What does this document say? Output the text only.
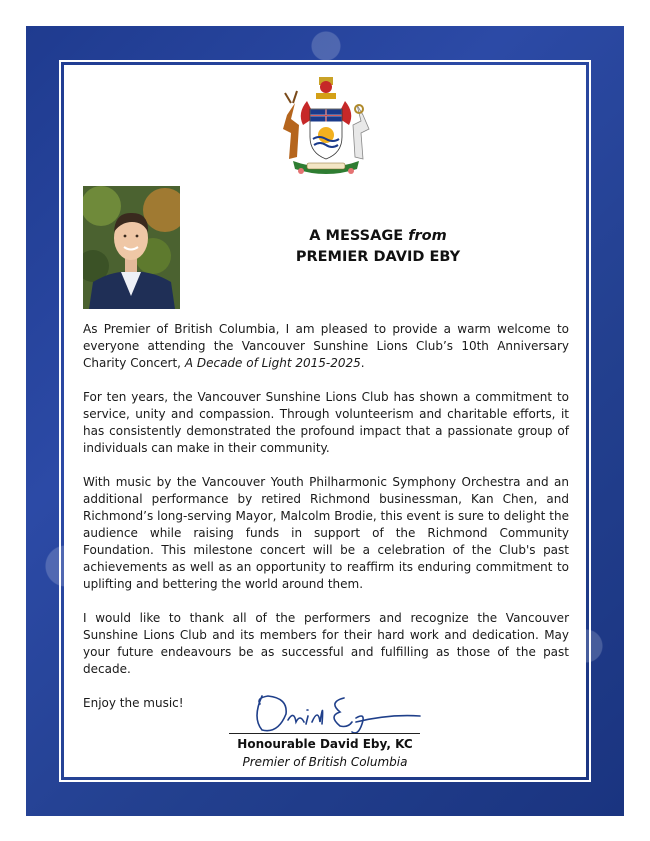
A MESSAGE from
PREMIER DAVID EBY

As Premier of British Columbia, I am pleased to provide a warm welcome to everyone attending the Vancouver Sunshine Lions Club’s 10th Anniversary Charity Concert, A Decade of Light 2015-2025.

For ten years, the Vancouver Sunshine Lions Club has shown a commitment to service, unity and compassion. Through volunteerism and charitable efforts, it has consistently demonstrated the profound impact that a passionate group of individuals can make in their community.

With music by the Vancouver Youth Philharmonic Symphony Orchestra and an additional performance by retired Richmond businessman, Kan Chen, and Richmond’s long-serving Mayor, Malcolm Brodie, this event is sure to delight the audience while raising funds in support of the Richmond Community Foundation. This milestone concert will be a celebration of the Club's past achievements as well as an opportunity to reaffirm its enduring commitment to uplifting and bettering the world around them.

I would like to thank all of the performers and recognize the Vancouver Sunshine Lions Club and its members for their hard work and dedication. May your future endeavours be as successful and fulfilling as those of the past decade.

Enjoy the music!

Honourable David Eby, KC
Premier of British Columbia
